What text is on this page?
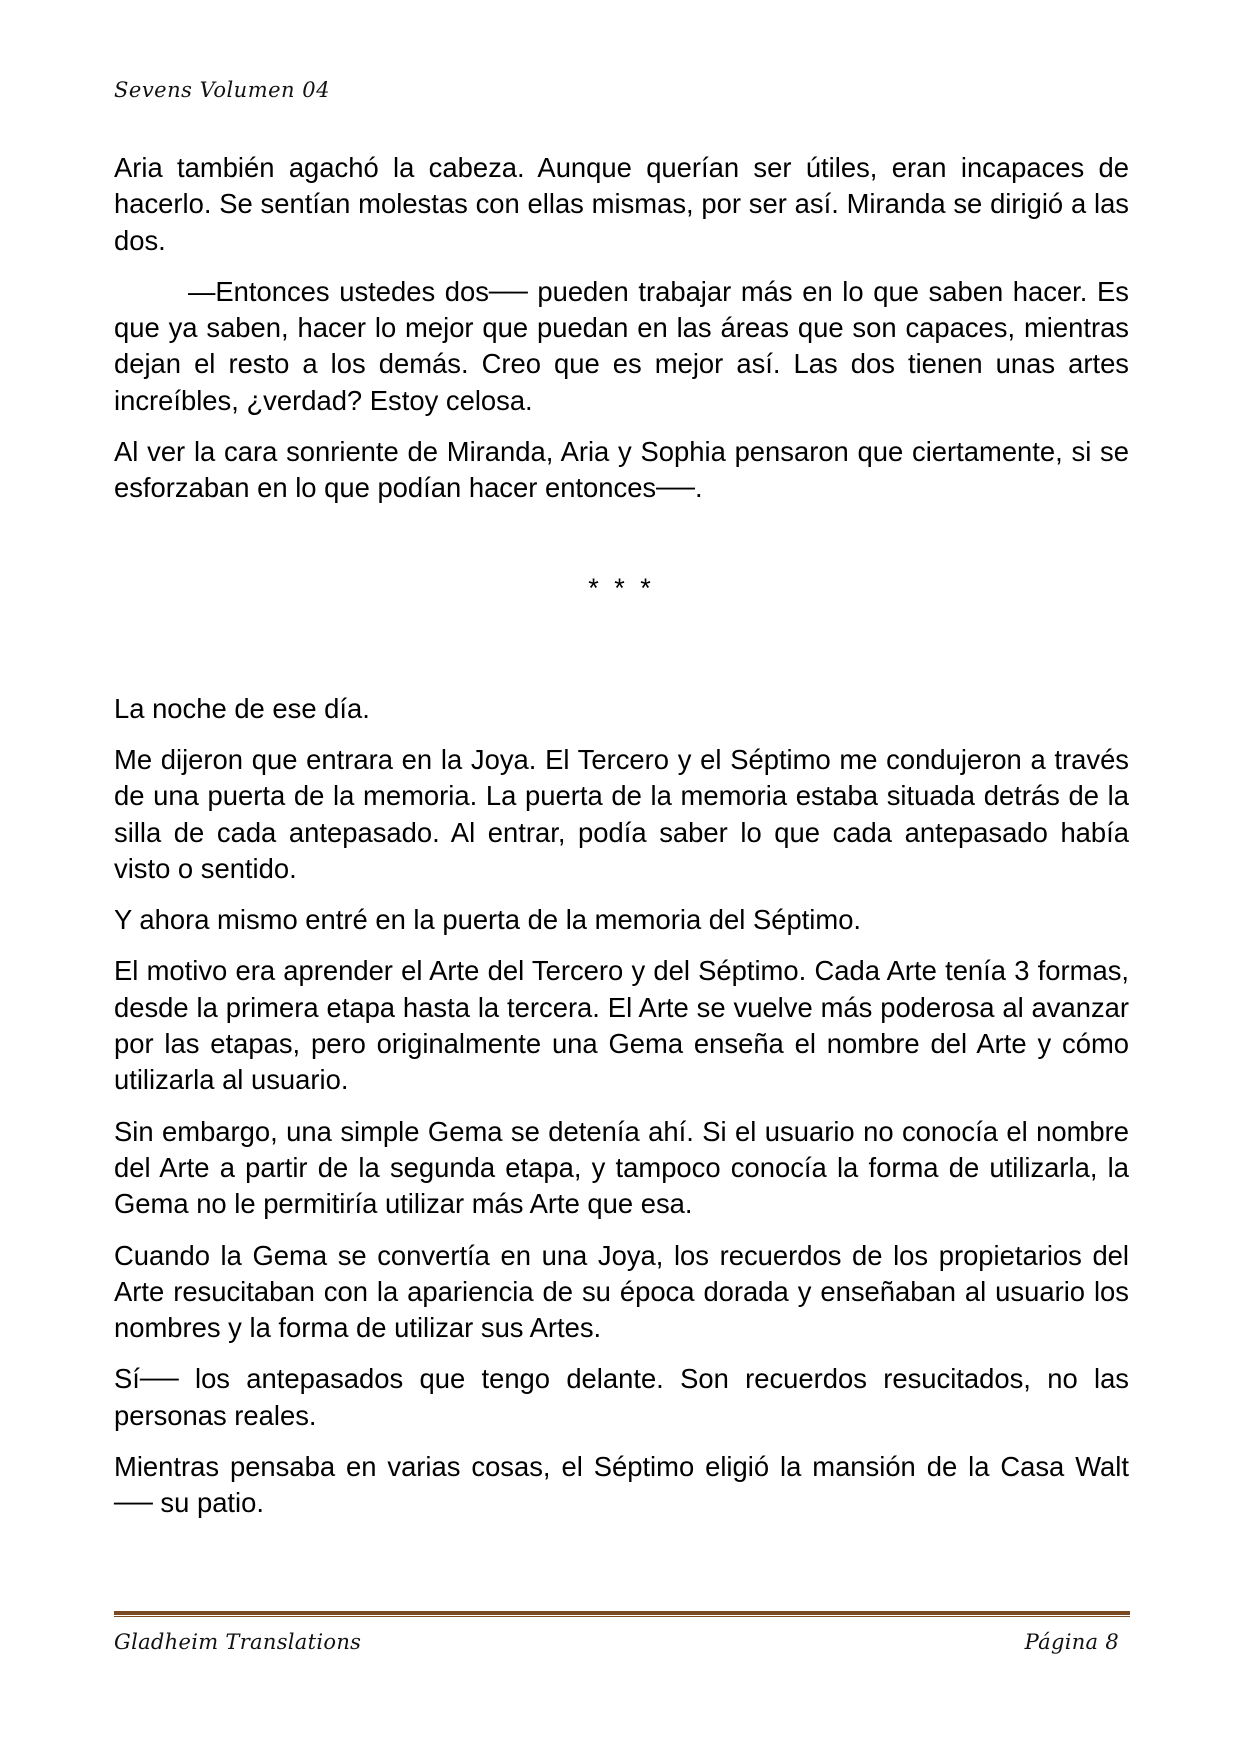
Sevens Volumen 04

Aria también agachó la cabeza. Aunque querían ser útiles, eran incapaces de hacerlo. Se sentían molestas con ellas mismas, por ser así. Miranda se dirigió a las dos.

—Entonces ustedes dos── pueden trabajar más en lo que saben hacer. Es que ya saben, hacer lo mejor que puedan en las áreas que son capaces, mientras dejan el resto a los demás. Creo que es mejor así. Las dos tienen unas artes increíbles, ¿verdad? Estoy celosa.

Al ver la cara sonriente de Miranda, Aria y Sophia pensaron que ciertamente, si se esforzaban en lo que podían hacer entonces──.

* * *

La noche de ese día.

Me dijeron que entrara en la Joya. El Tercero y el Séptimo me condujeron a través de una puerta de la memoria. La puerta de la memoria estaba situada detrás de la silla de cada antepasado. Al entrar, podía saber lo que cada antepasado había visto o sentido.

Y ahora mismo entré en la puerta de la memoria del Séptimo.

El motivo era aprender el Arte del Tercero y del Séptimo. Cada Arte tenía 3 formas, desde la primera etapa hasta la tercera. El Arte se vuelve más poderosa al avanzar por las etapas, pero originalmente una Gema enseña el nombre del Arte y cómo utilizarla al usuario.

Sin embargo, una simple Gema se detenía ahí. Si el usuario no conocía el nombre del Arte a partir de la segunda etapa, y tampoco conocía la forma de utilizarla, la Gema no le permitiría utilizar más Arte que esa.

Cuando la Gema se convertía en una Joya, los recuerdos de los propietarios del Arte resucitaban con la apariencia de su época dorada y enseñaban al usuario los nombres y la forma de utilizar sus Artes.

Sí── los antepasados que tengo delante. Son recuerdos resucitados, no las personas reales.

Mientras pensaba en varias cosas, el Séptimo eligió la mansión de la Casa Walt ── su patio.

Gladheim Translations	Página 8
